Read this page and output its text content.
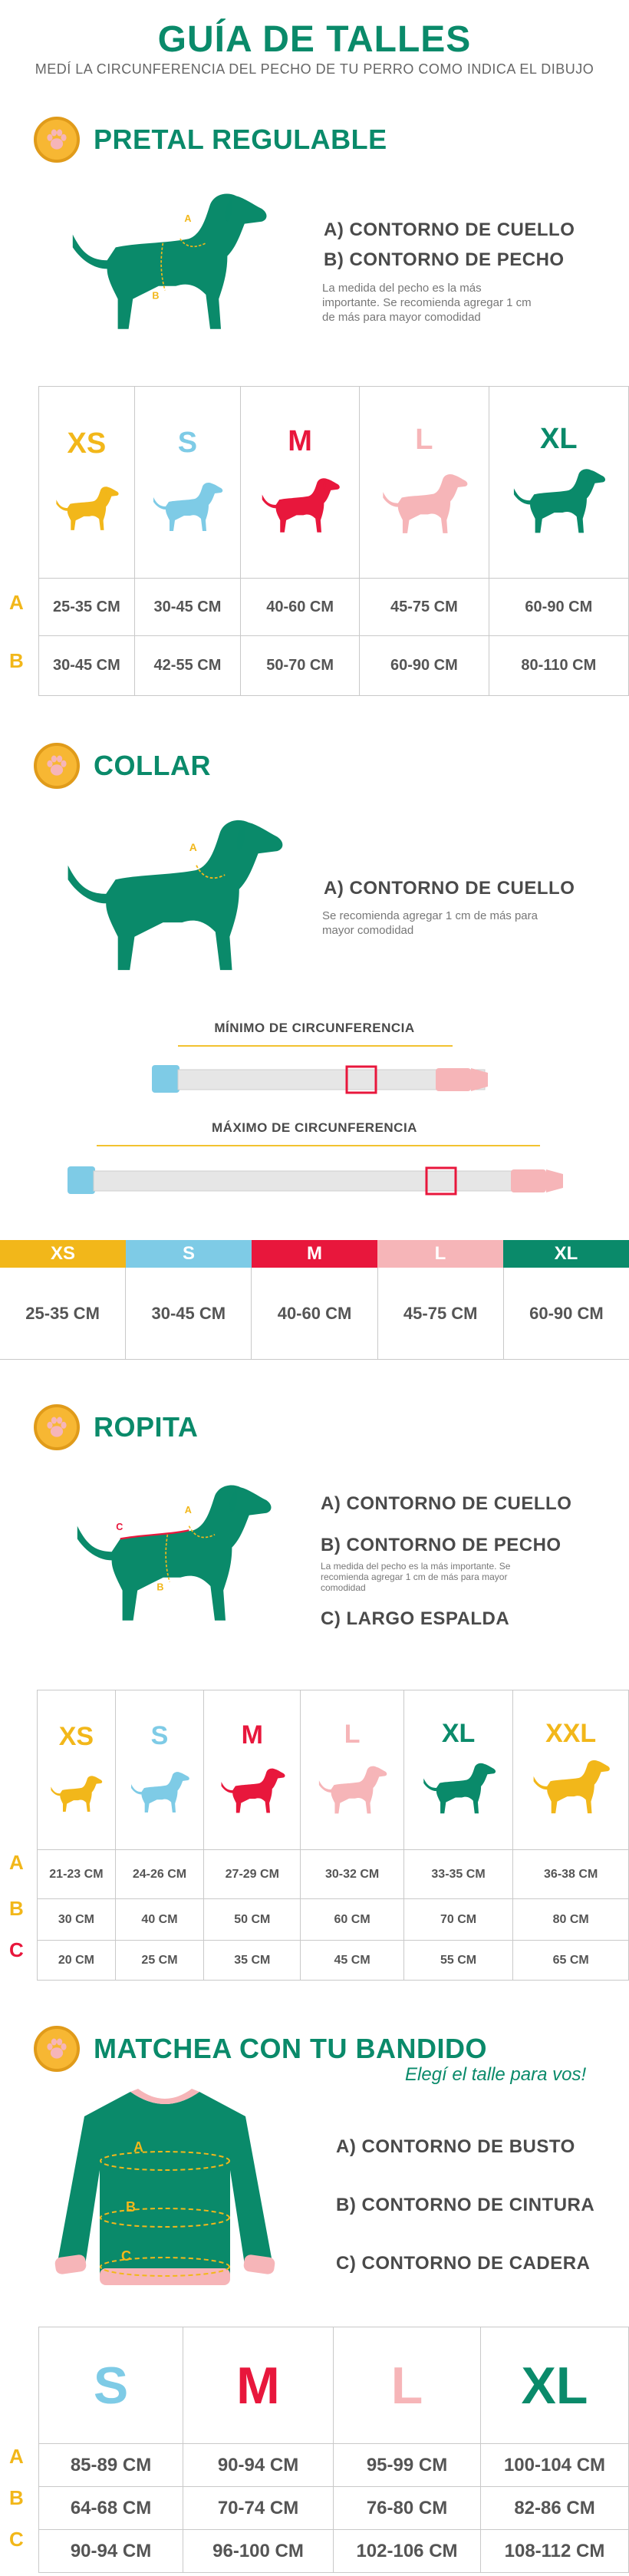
GUÍA DE TALLES
MEDÍ LA CIRCUNFERENCIA DEL PECHO DE TU PERRO COMO INDICA EL DIBUJO
PRETAL REGULABLE
A
B
A) CONTORNO DE CUELLO
B) CONTORNO DE PECHO
La medida del pecho es la más importante. Se recomienda agregar 1 cm de más para mayor comodidad
XS	S	M	L	XL

25-35 CM	30-45 CM	40-60 CM	45-75 CM	60-90 CM
30-45 CM	42-55 CM	50-70 CM	60-90 CM	80-110 CM
A
B
COLLAR
A
A) CONTORNO DE CUELLO
Se recomienda agregar 1 cm de más para mayor comodidad
MÍNIMO DE CIRCUNFERENCIA
MÁXIMO DE CIRCUNFERENCIA
XS	S	M	L	XL
25-35 CM	30-45 CM	40-60 CM	45-75 CM	60-90 CM
ROPITA
C
A
B
A) CONTORNO DE CUELLO
B) CONTORNO DE PECHO
La medida del pecho es la más importante. Se recomienda agregar 1 cm de más para mayor comodidad
C) LARGO ESPALDA
XS	S	M	L	XL	XXL

21-23 CM	24-26 CM	27-29 CM	30-32 CM	33-35 CM	36-38 CM
30 CM	40 CM	50 CM	60 CM	70 CM	80 CM
20 CM	25 CM	35 CM	45 CM	55 CM	65 CM
A
B
C
MATCHEA CON TU BANDIDO
Elegí el talle para vos!
A
B
C
A) CONTORNO DE BUSTO
B) CONTORNO DE CINTURA
C) CONTORNO DE CADERA
S	M	L	XL

85-89 CM	90-94 CM	95-99 CM	100-104 CM
64-68 CM	70-74 CM	76-80 CM	82-86 CM
90-94 CM	96-100 CM	102-106 CM	108-112 CM
A
B
C
